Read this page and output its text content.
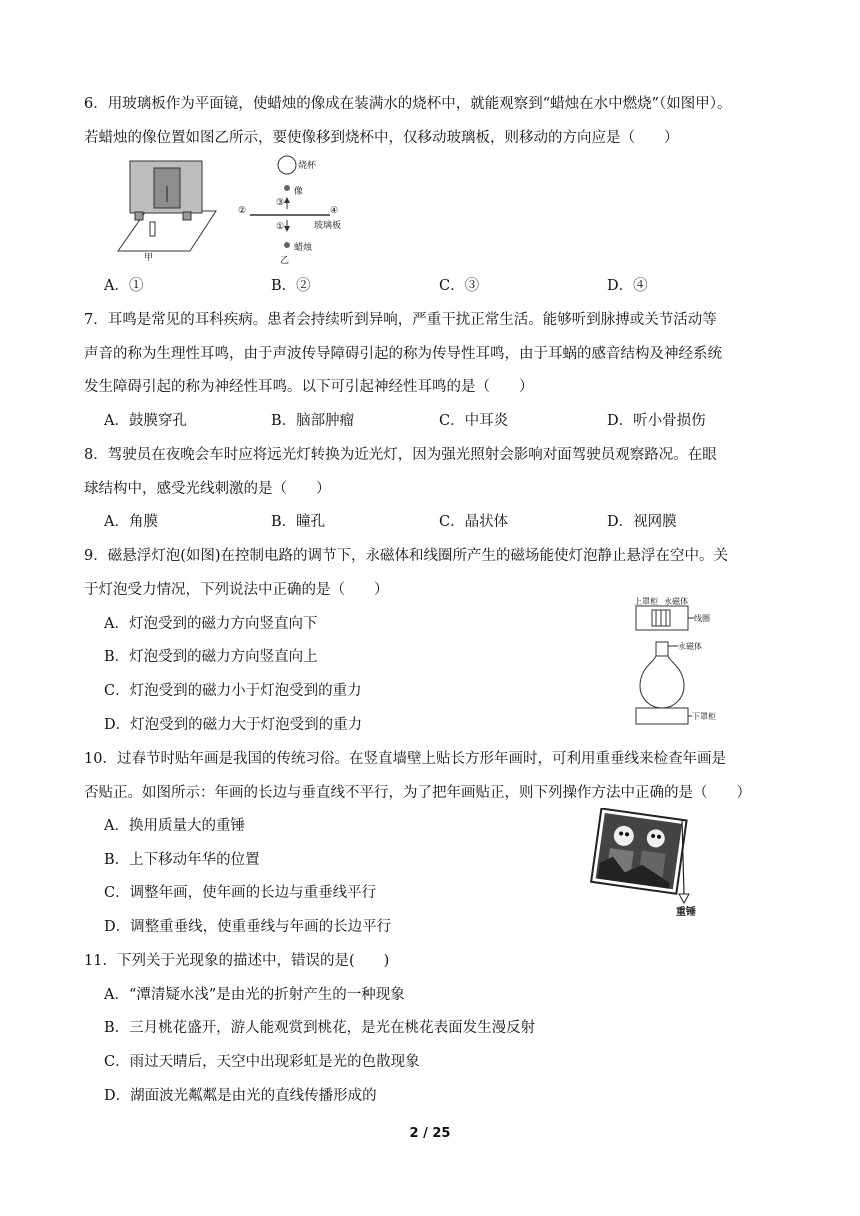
6．用玻璃板作为平面镜，使蜡烛的像成在装满水的烧杯中，就能观察到“蜡烛在水中燃烧”（如图甲）。
若蜡烛的像位置如图乙所示，要使像移到烧杯中，仅移动玻璃板，则移动的方向应是（　　）
甲
烧杯
像
②
③
④
玻璃板
①
蜡烛
乙
A．①	B．②	C．③	D．④
7．耳鸣是常见的耳科疾病。患者会持续听到异响，严重干扰正常生活。能够听到脉搏或关节活动等
声音的称为生理性耳鸣，由于声波传导障碍引起的称为传导性耳鸣，由于耳蜗的感音结构及神经系统
发生障碍引起的称为神经性耳鸣。以下可引起神经性耳鸣的是（　　）
A．鼓膜穿孔	B．脑部肿瘤	C．中耳炎	D．听小骨损伤
8．驾驶员在夜晚会车时应将远光灯转换为近光灯，因为强光照射会影响对面驾驶员观察路况。在眼
球结构中，感受光线刺激的是（　　）
A．角膜	B．瞳孔	C．晶状体	D．视网膜
9．磁悬浮灯泡(如图)在控制电路的调节下，永磁体和线圈所产生的磁场能使灯泡静止悬浮在空中。关
于灯泡受力情况，下列说法中正确的是（　　）
A．灯泡受到的磁力方向竖直向下
B．灯泡受到的磁力方向竖直向上
C．灯泡受到的磁力小于灯泡受到的重力
D．灯泡受到的磁力大于灯泡受到的重力
上罩柜 永磁体
线圈
永磁体
下罩柜
10．过春节时贴年画是我国的传统习俗。在竖直墙壁上贴长方形年画时，可利用重垂线来检查年画是
否贴正。如图所示：年画的长边与垂直线不平行，为了把年画贴正，则下列操作方法中正确的是（　　）
A．换用质量大的重锤
B．上下移动年华的位置
C．调整年画，使年画的长边与重垂线平行
D．调整重垂线，使重垂线与年画的长边平行
重锤
11．下列关于光现象的描述中，错误的是(　　)
A．“潭清疑水浅”是由光的折射产生的一种现象
B．三月桃花盛开，游人能观赏到桃花，是光在桃花表面发生漫反射
C．雨过天晴后，天空中出现彩虹是光的色散现象
D．湖面波光粼粼是由光的直线传播形成的
2 / 25
